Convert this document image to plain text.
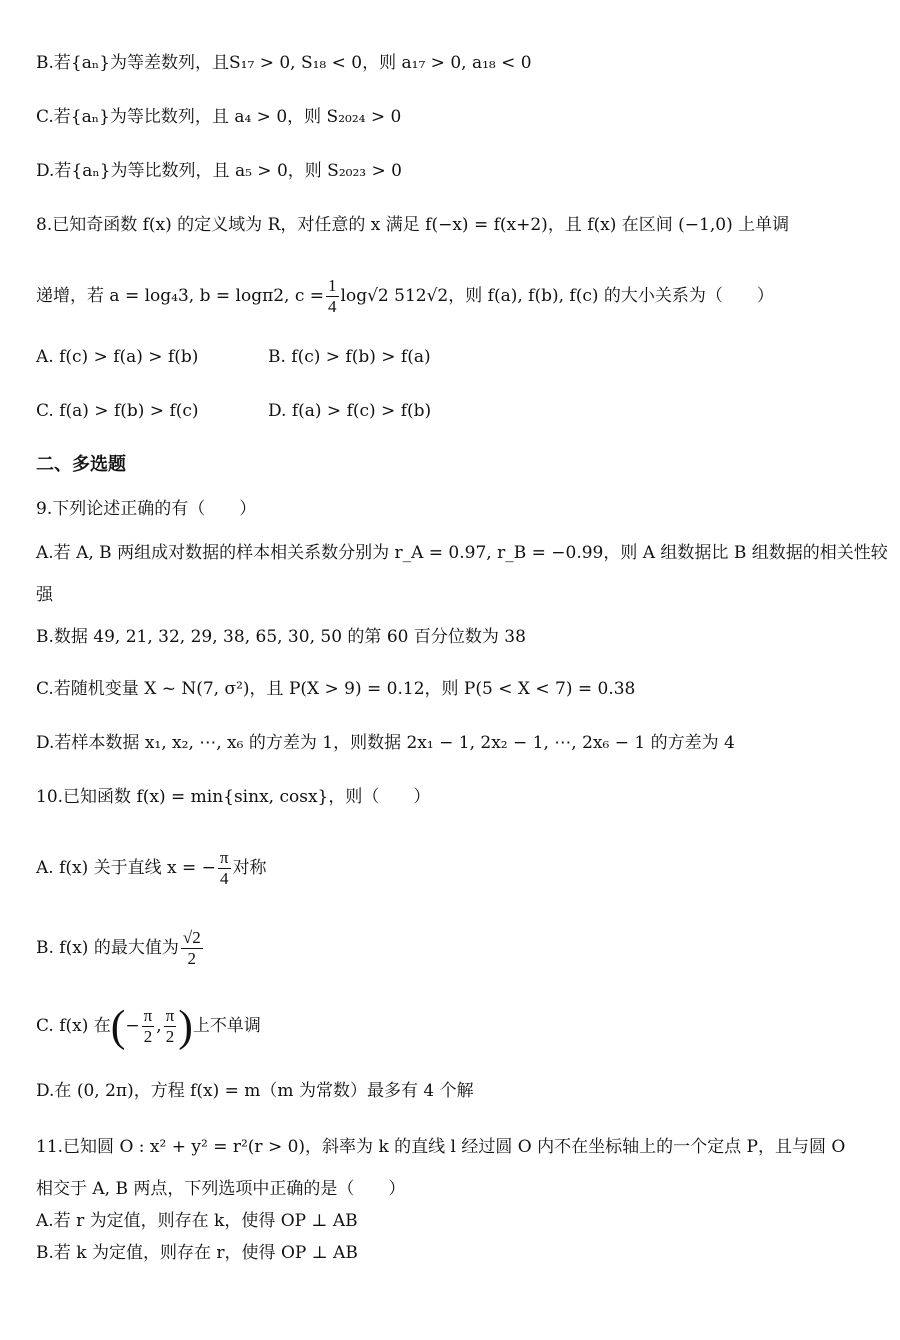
B.若{aₙ}为等差数列，且S₁₇ > 0, S₁₈ < 0，则 a₁₇ > 0, a₁₈ < 0
C.若{aₙ}为等比数列，且 a₄ > 0，则 S₂₀₂₄ > 0
D.若{aₙ}为等比数列，且 a₅ > 0，则 S₂₀₂₃ > 0
8.已知奇函数 f(x) 的定义域为 R，对任意的 x 满足 f(−x) = f(x+2)，且 f(x) 在区间 (−1,0) 上单调
递增，若 a = log₄3, b = logπ2, $c = \frac{1}{4} \log√2$ 512√2，则 f(a), f(b), f(c) 的大小关系为（　　）
A. f(c) > f(a) > f(b)	B. f(c) > f(b) > f(a)
C. f(a) > f(b) > f(c)	D. f(a) > f(c) > f(b)
二、多选题
9.下列论述正确的有（　　）
A.若 A, B 两组成对数据的样本相关系数分别为 r_A = 0.97, r_B = −0.99，则 A 组数据比 B 组数据的相关性较
强
B.数据 49, 21, 32, 29, 38, 65, 30, 50 的第 60 百分位数为 38
C.若随机变量 X ~ N(7, σ²)，且 P(X > 9) = 0.12，则 P(5 < X < 7) = 0.38
D.若样本数据 x₁, x₂, ⋯, x₆ 的方差为 1，则数据 2x₁ − 1, 2x₂ − 1, ⋯, 2x₆ − 1 的方差为 4
10.已知函数 f(x) = min{sinx, cosx}，则（　　）
A. f(x) 关于直线 x = − $\frac{\pi}{4}$ 对称
B. f(x) 的最大值为 $\frac{√2}{2}$
C. f(x) 在(− $\frac{\pi}{2}$ , $\frac{\pi}{2}$ )上不单调
D.在 (0, 2π)，方程 f(x) = m（m 为常数）最多有 4 个解
11.已知圆 O : x² + y² = r²(r > 0)，斜率为 k 的直线 l 经过圆 O 内不在坐标轴上的一个定点 P，且与圆 O
相交于 A, B 两点，下列选项中正确的是（　　）
A.若 r 为定值，则存在 k，使得 OP ⊥ AB
B.若 k 为定值，则存在 r，使得 OP ⊥ AB
